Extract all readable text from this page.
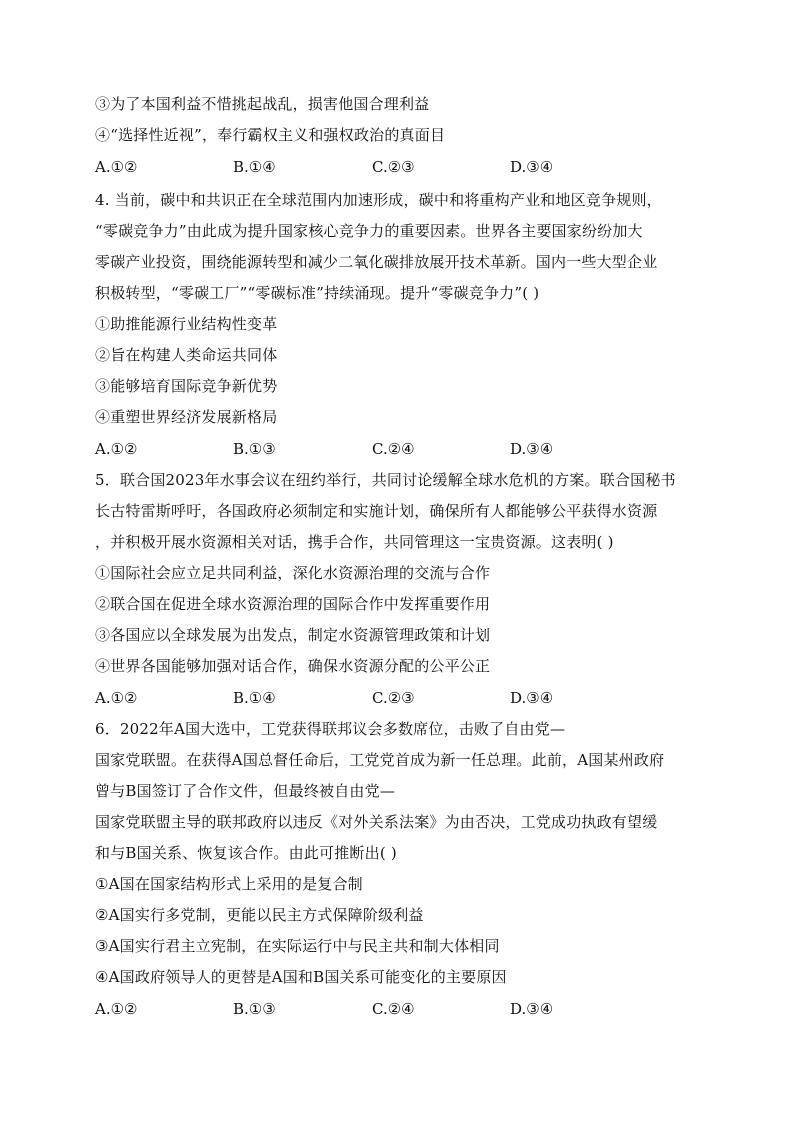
③为了本国利益不惜挑起战乱，损害他国合理利益
④“选择性近视”，奉行霸权主义和强权政治的真面目
A.①②	B.①④	C.②③	D.③④
4. 当前，碳中和共识正在全球范围内加速形成，碳中和将重构产业和地区竞争规则，
“零碳竞争力”由此成为提升国家核心竞争力的重要因素。世界各主要国家纷纷加大
零碳产业投资，围绕能源转型和减少二氧化碳排放展开技术革新。国内一些大型企业
积极转型，“零碳工厂”“零碳标准”持续涌现。提升“零碳竞争力”( )
①助推能源行业结构性变革
②旨在构建人类命运共同体
③能够培育国际竞争新优势
④重塑世界经济发展新格局
A.①②	B.①③	C.②④	D.③④
5．联合国2023年水事会议在纽约举行，共同讨论缓解全球水危机的方案。联合国秘书
长古特雷斯呼吁，各国政府必须制定和实施计划，确保所有人都能够公平获得水资源
，并积极开展水资源相关对话，携手合作，共同管理这一宝贵资源。这表明( )
①国际社会应立足共同利益，深化水资源治理的交流与合作
②联合国在促进全球水资源治理的国际合作中发挥重要作用
③各国应以全球发展为出发点，制定水资源管理政策和计划
④世界各国能够加强对话合作，确保水资源分配的公平公正
A.①②	B.①④	C.②③	D.③④
6．2022年A国大选中，工党获得联邦议会多数席位，击败了自由党—
国家党联盟。在获得A国总督任命后，工党党首成为新一任总理。此前，A国某州政府
曾与B国签订了合作文件，但最终被自由党—
国家党联盟主导的联邦政府以违反《对外关系法案》为由否决，工党成功执政有望缓
和与B国关系、恢复该合作。由此可推断出( )
①A国在国家结构形式上采用的是复合制
②A国实行多党制，更能以民主方式保障阶级利益
③A国实行君主立宪制，在实际运行中与民主共和制大体相同
④A国政府领导人的更替是A国和B国关系可能变化的主要原因
A.①②	B.①③	C.②④	D.③④
